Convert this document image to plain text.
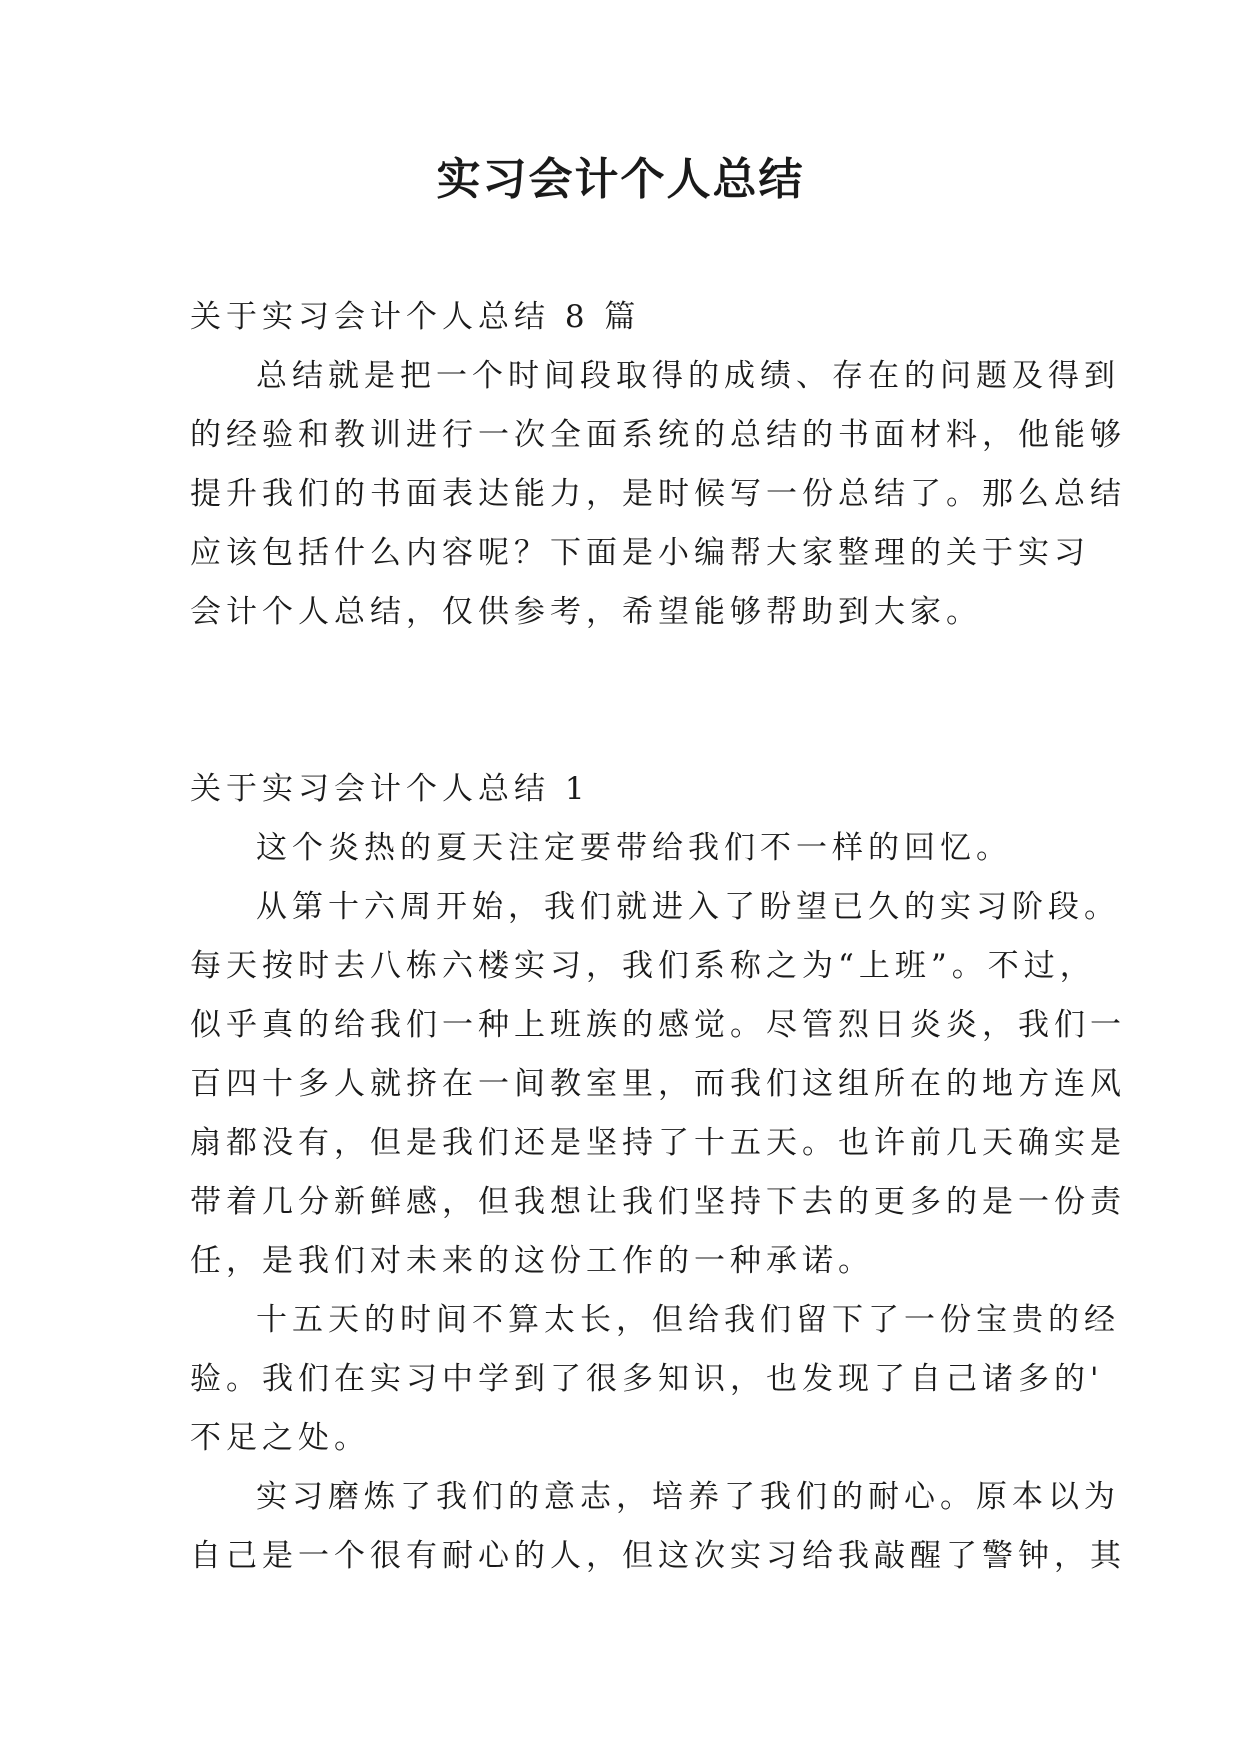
实习会计个人总结
关于实习会计个人总结 8 篇
总结就是把一个时间段取得的成绩、存在的问题及得到
的经验和教训进行一次全面系统的总结的书面材料，他能够
提升我们的书面表达能力，是时候写一份总结了。那么总结
应该包括什么内容呢？下面是小编帮大家整理的关于实习
会计个人总结，仅供参考，希望能够帮助到大家。
关于实习会计个人总结 1
这个炎热的夏天注定要带给我们不一样的回忆。
从第十六周开始，我们就进入了盼望已久的实习阶段。
每天按时去八栋六楼实习，我们系称之为“上班”。不过，
似乎真的给我们一种上班族的感觉。尽管烈日炎炎，我们一
百四十多人就挤在一间教室里，而我们这组所在的地方连风
扇都没有，但是我们还是坚持了十五天。也许前几天确实是
带着几分新鲜感，但我想让我们坚持下去的更多的是一份责
任，是我们对未来的这份工作的一种承诺。
十五天的时间不算太长，但给我们留下了一份宝贵的经
验。我们在实习中学到了很多知识，也发现了自己诸多的'
不足之处。
实习磨炼了我们的意志，培养了我们的耐心。原本以为
自己是一个很有耐心的人，但这次实习给我敲醒了警钟，其
